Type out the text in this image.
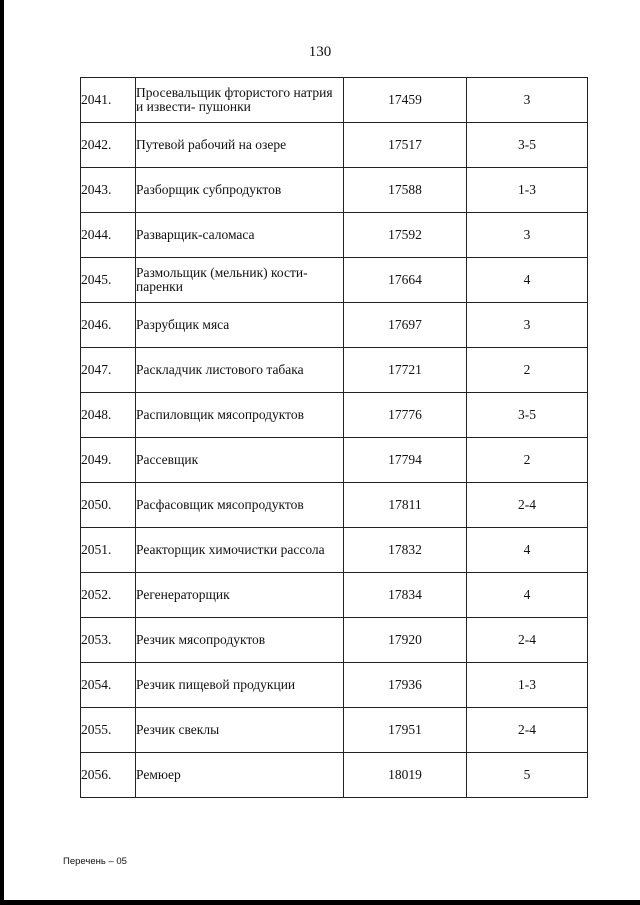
130
2041.	Просевальщик фтористого натрия и извести- пушонки	17459	3
2042.	Путевой рабочий на озере	17517	3-5
2043.	Разборщик субпродуктов	17588	1-3
2044.	Разварщик-саломаса	17592	3
2045.	Размольщик (мельник) кости-паренки	17664	4
2046.	Разрубщик мяса	17697	3
2047.	Раскладчик листового табака	17721	2
2048.	Распиловщик мясопродуктов	17776	3-5
2049.	Рассевщик	17794	2
2050.	Расфасовщик мясопродуктов	17811	2-4
2051.	Реакторщик химочистки рассола	17832	4
2052.	Регенераторщик	17834	4
2053.	Резчик мясопродуктов	17920	2-4
2054.	Резчик пищевой продукции	17936	1-3
2055.	Резчик свеклы	17951	2-4
2056.	Ремюер	18019	5
Перечень – 05
